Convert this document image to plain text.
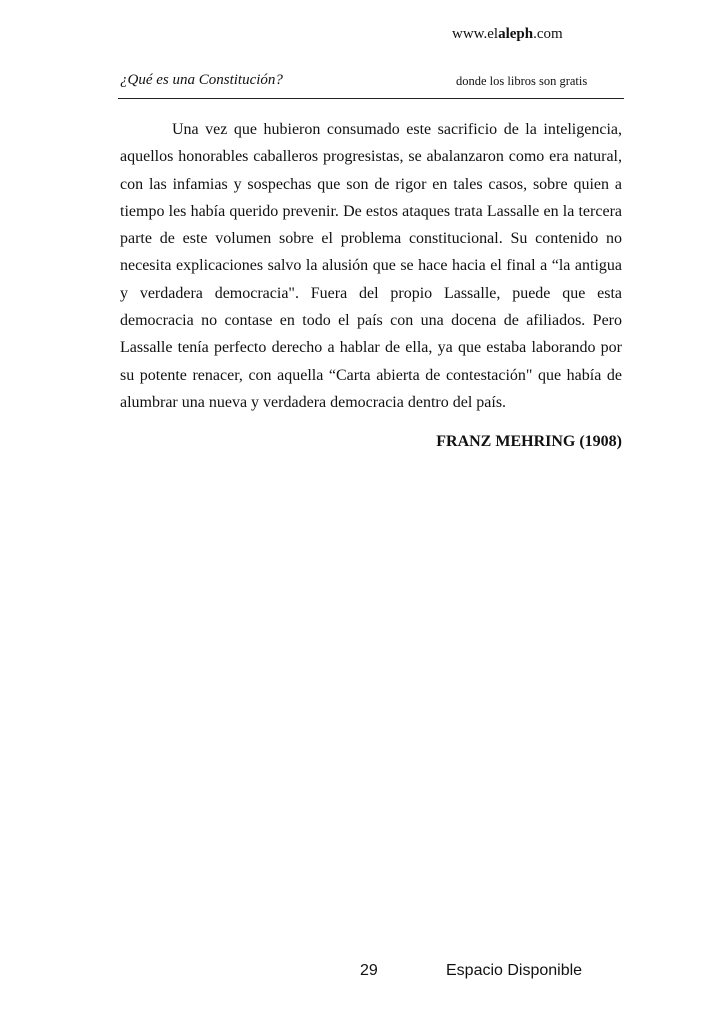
www.elaleph.com
¿Qué es una Constitución?	donde los libros son gratis

Una vez que hubieron consumado este sacrificio de la inteligencia, aquellos honorables caballeros progresistas, se abalanzaron como era natural, con las infamias y sospechas que son de rigor en tales casos, sobre quien a tiempo les había querido prevenir. De estos ataques trata Lassalle en la tercera parte de este volumen sobre el problema constitucional. Su contenido no necesita explicaciones salvo la alusión que se hace hacia el final a “la antigua y verdadera democracia". Fuera del propio Lassalle, puede que esta democracia no contase en todo el país con una docena de afiliados. Pero Lassalle tenía perfecto derecho a hablar de ella, ya que estaba laborando por su potente renacer, con aquella “Carta abierta de contestación" que había de alumbrar una nueva y verdadera democracia dentro del país.

FRANZ MEHRING (1908)
29	Espacio Disponible
